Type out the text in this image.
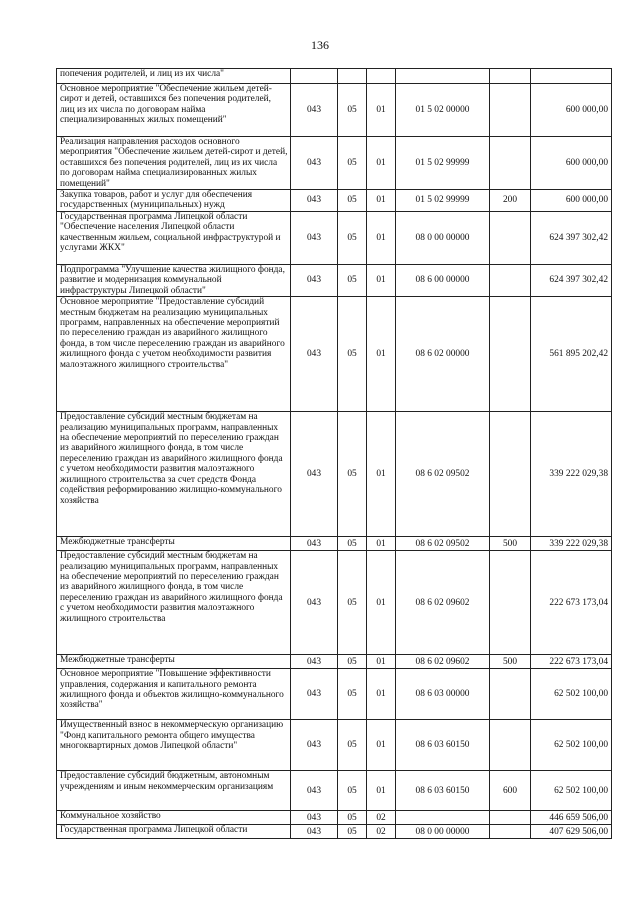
136
попечения родителей, и лиц из их числа"						
Основное мероприятие "Обеспечение жильем детей-сирот и детей, оставшихся без попечения родителей, лиц из их числа по договорам найма специализированных жилых помещений"	043	05	01	01 5 02 00000		600 000,00
Реализация направления расходов основного мероприятия "Обеспечение жильем детей-сирот и детей, оставшихся без попечения родителей, лиц из их числа по договорам найма специализированных жилых помещений"	043	05	01	01 5 02 99999		600 000,00
Закупка товаров, работ и услуг для обеспечения государственных (муниципальных) нужд	043	05	01	01 5 02 99999	200	600 000,00
Государственная программа Липецкой области "Обеспечение населения Липецкой области качественным жильем, социальной инфраструктурой и услугами ЖКХ"	043	05	01	08 0 00 00000		624 397 302,42
Подпрограмма "Улучшение качества жилищного фонда, развитие и модернизация коммунальной инфраструктуры Липецкой области"	043	05	01	08 6 00 00000		624 397 302,42
Основное мероприятие "Предоставление субсидий местным бюджетам на реализацию муниципальных программ, направленных на обеспечение мероприятий по переселению граждан из аварийного жилищного фонда, в том числе переселению граждан из аварийного жилищного фонда с учетом необходимости развития малоэтажного жилищного строительства"	043	05	01	08 6 02 00000		561 895 202,42
Предоставление субсидий местным бюджетам на реализацию муниципальных программ, направленных на обеспечение мероприятий по переселению граждан из аварийного жилищного фонда, в том числе переселению граждан из аварийного жилищного фонда с учетом необходимости развития малоэтажного жилищного строительства за счет средств Фонда содействия реформированию жилищно-коммунального хозяйства	043	05	01	08 6 02 09502		339 222 029,38
Межбюджетные трансферты	043	05	01	08 6 02 09502	500	339 222 029,38
Предоставление субсидий местным бюджетам на реализацию муниципальных программ, направленных на обеспечение мероприятий по переселению граждан из аварийного жилищного фонда, в том числе переселению граждан из аварийного жилищного фонда с учетом необходимости развития малоэтажного жилищного строительства	043	05	01	08 6 02 09602		222 673 173,04
Межбюджетные трансферты	043	05	01	08 6 02 09602	500	222 673 173,04
Основное мероприятие "Повышение эффективности управления, содержания и капитального ремонта жилищного фонда и объектов жилищно-коммунального хозяйства"	043	05	01	08 6 03 00000		62 502 100,00
Имущественный взнос в некоммерческую организацию "Фонд капитального ремонта общего имущества многоквартирных домов Липецкой области"	043	05	01	08 6 03 60150		62 502 100,00
Предоставление субсидий бюджетным, автономным учреждениям и иным некоммерческим организациям	043	05	01	08 6 03 60150	600	62 502 100,00
Коммунальное хозяйство	043	05	02			446 659 506,00
Государственная программа Липецкой области	043	05	02	08 0 00 00000		407 629 506,00
